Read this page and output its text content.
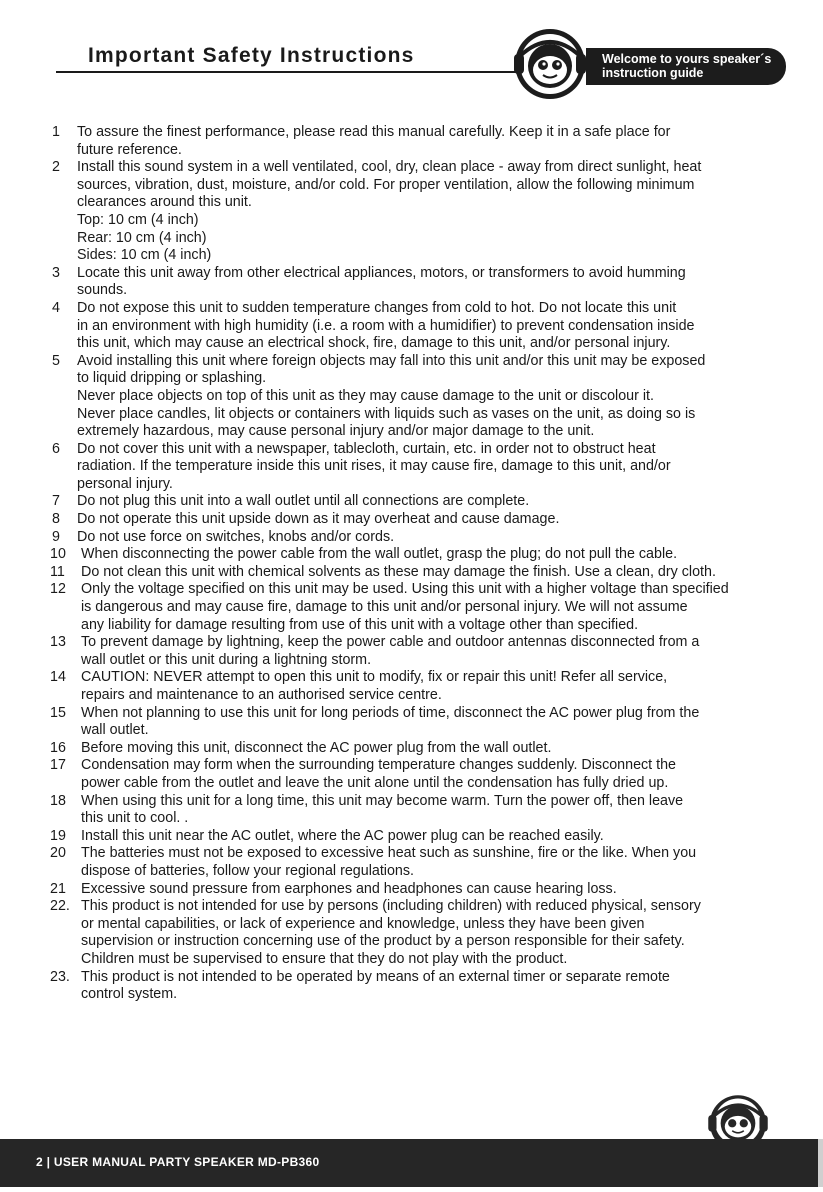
Important Safety Instructions	Welcome to yours speaker´s
instruction guide
1	To assure the finest performance, please read this manual carefully. Keep it in a safe place for
future reference.
2	Install this sound system in a well ventilated, cool, dry, clean place - away from direct sunlight, heat
sources, vibration, dust, moisture, and/or cold. For proper ventilation, allow the following minimum
clearances around this unit.
Top: 10 cm (4 inch)
Rear: 10 cm (4 inch)
Sides: 10 cm (4 inch)
3	Locate this unit away from other electrical appliances, motors, or transformers to avoid humming
sounds.
4	Do not expose this unit to sudden temperature changes from cold to hot. Do not locate this unit
in an environment with high humidity (i.e. a room with a humidifier) to prevent condensation inside
this unit, which may cause an electrical shock, fire, damage to this unit, and/or personal injury.
5	Avoid installing this unit where foreign objects may fall into this unit and/or this unit may be exposed
to liquid dripping or splashing.
Never place objects on top of this unit as they may cause damage to the unit or discolour it.
Never place candles, lit objects or containers with liquids such as vases on the unit, as doing so is
extremely hazardous, may cause personal injury and/or major damage to the unit.
6	Do not cover this unit with a newspaper, tablecloth, curtain, etc. in order not to obstruct heat
radiation. If the temperature inside this unit rises, it may cause fire, damage to this unit, and/or
personal injury.
7	Do not plug this unit into a wall outlet until all connections are complete.
8	Do not operate this unit upside down as it may overheat and cause damage.
9	Do not use force on switches, knobs and/or cords.
10	When disconnecting the power cable from the wall outlet, grasp the plug; do not pull the cable.
11	Do not clean this unit with chemical solvents as these may damage the finish. Use a clean, dry cloth.
12	Only the voltage specified on this unit may be used. Using this unit with a higher voltage than specified
is dangerous and may cause fire, damage to this unit and/or personal injury. We will not assume
any liability for damage resulting from use of this unit with a voltage other than specified.
13	To prevent damage by lightning, keep the power cable and outdoor antennas disconnected from a
wall outlet or this unit during a lightning storm.
14	CAUTION: NEVER attempt to open this unit to modify, fix or repair this unit! Refer all service,
repairs and maintenance to an authorised service centre.
15	When not planning to use this unit for long periods of time, disconnect the AC power plug from the
wall outlet.
16	Before moving this unit, disconnect the AC power plug from the wall outlet.
17	Condensation may form when the surrounding temperature changes suddenly. Disconnect the
power cable from the outlet and leave the unit alone until the condensation has fully dried up.
18	When using this unit for a long time, this unit may become warm. Turn the power off, then leave
this unit to cool. .
19	Install this unit near the AC outlet, where the AC power plug can be reached easily.
20	The batteries must not be exposed to excessive heat such as sunshine, fire or the like. When you
dispose of batteries, follow your regional regulations.
21	Excessive sound pressure from earphones and headphones can cause hearing loss.
22. This product is not intended for use by persons (including children) with reduced physical, sensory
or mental capabilities, or lack of experience and knowledge, unless they have been given
supervision or instruction concerning use of the product by a person responsible for their safety.
Children must be supervised to ensure that they do not play with the product.
23. This product is not intended to be operated by means of an external timer or separate remote
control system.
2 | USER MANUAL PARTY SPEAKER MD-PB360
